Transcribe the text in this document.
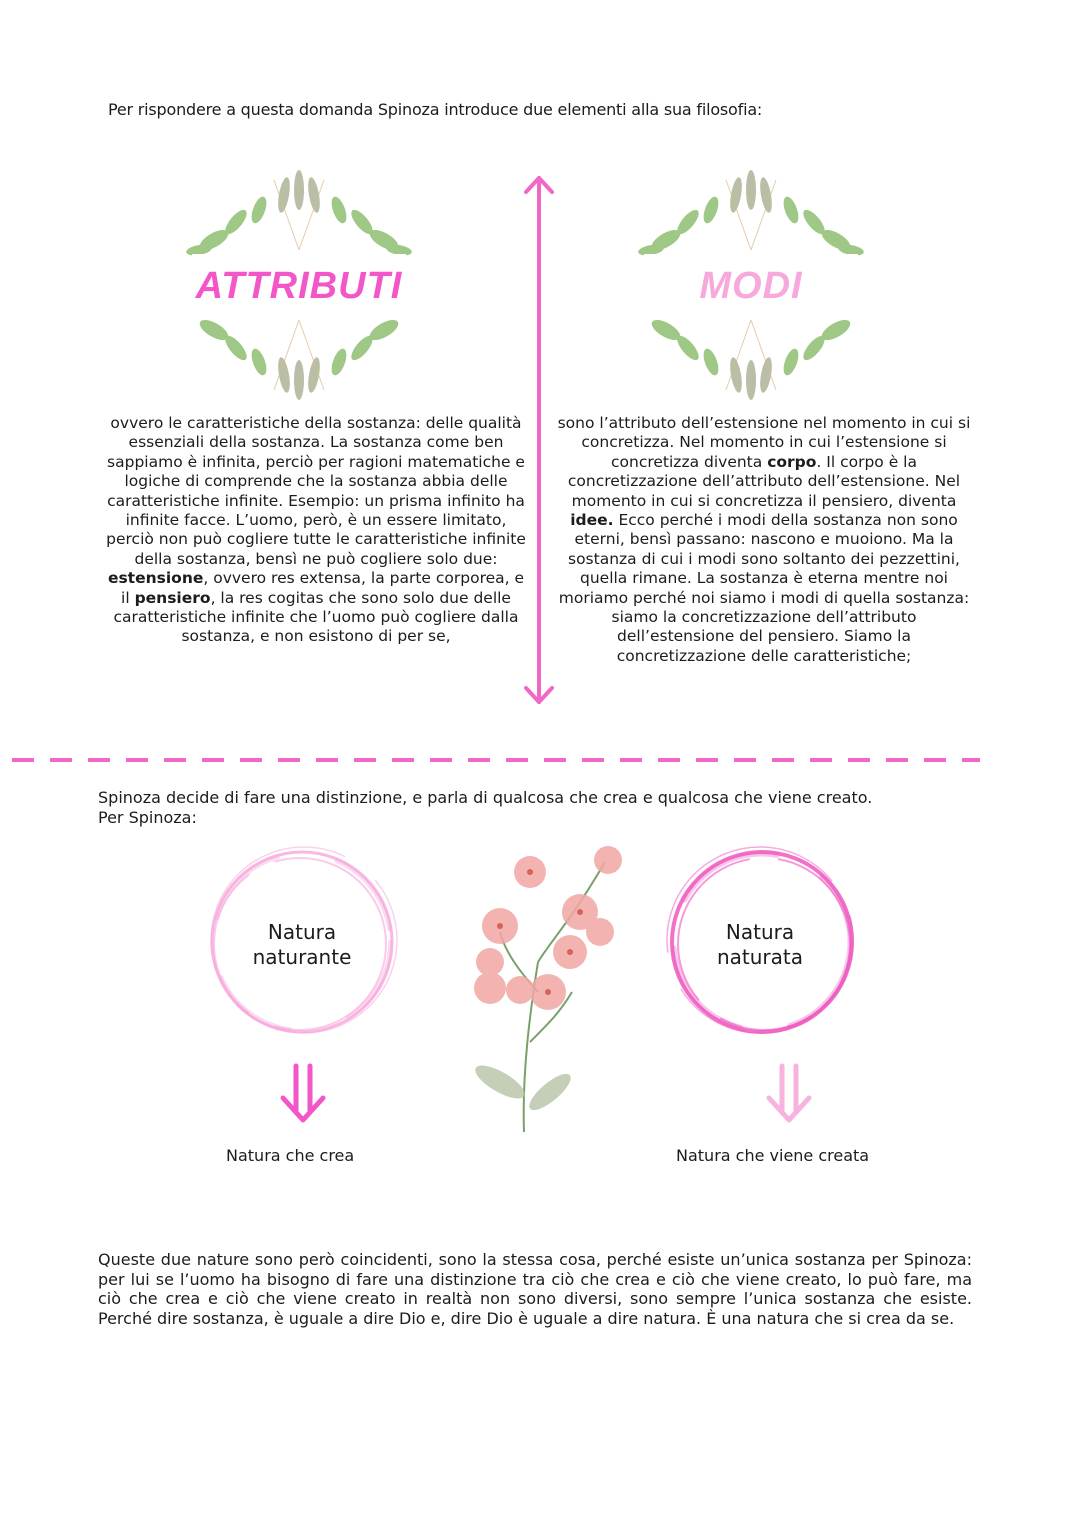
Per rispondere a questa domanda Spinoza introduce due elementi alla sua filosofia:
ATTRIBUTI	MODI
ovvero le caratteristiche della sostanza: delle qualità essenziali della sostanza. La sostanza come ben sappiamo è infinita, perciò per ragioni matematiche e logiche di comprende che la sostanza abbia delle caratteristiche infinite. Esempio: un prisma infinito ha infinite facce. L’uomo, però, è un essere limitato, perciò non può cogliere tutte le caratteristiche infinite della sostanza, bensì ne può cogliere solo due: estensione, ovvero res extensa, la parte corporea, e il pensiero, la res cogitas che sono solo due delle caratteristiche infinite che l’uomo può cogliere dalla sostanza, e non esistono di per se,
sono l’attributo dell’estensione nel momento in cui si concretizza. Nel momento in cui l’estensione si concretizza diventa corpo. Il corpo è la concretizzazione dell’attributo dell’estensione. Nel momento in cui si concretizza il pensiero, diventa idee. Ecco perché i modi della sostanza non sono eterni, bensì passano: nascono e muoiono. Ma la sostanza di cui i modi sono soltanto dei pezzettini, quella rimane. La sostanza è eterna mentre noi moriamo perché noi siamo i modi di quella sostanza: siamo la concretizzazione dell’attributo dell’estensione del pensiero. Siamo la concretizzazione delle caratteristiche;
Spinoza decide di fare una distinzione, e parla di qualcosa che crea e qualcosa che viene creato.
Per Spinoza:
Natura
naturante
Natura
naturata
Natura che crea	Natura che viene creata
Queste due nature sono però coincidenti, sono la stessa cosa, perché esiste un’unica sostanza per Spinoza: per lui se l’uomo ha bisogno di fare una distinzione tra ciò che crea e ciò che viene creato, lo può fare, ma ciò che crea e ciò che viene creato in realtà non sono diversi, sono sempre l’unica sostanza che esiste. Perché dire sostanza, è uguale a dire Dio e, dire Dio è uguale a dire natura. È una natura che si crea da se.
